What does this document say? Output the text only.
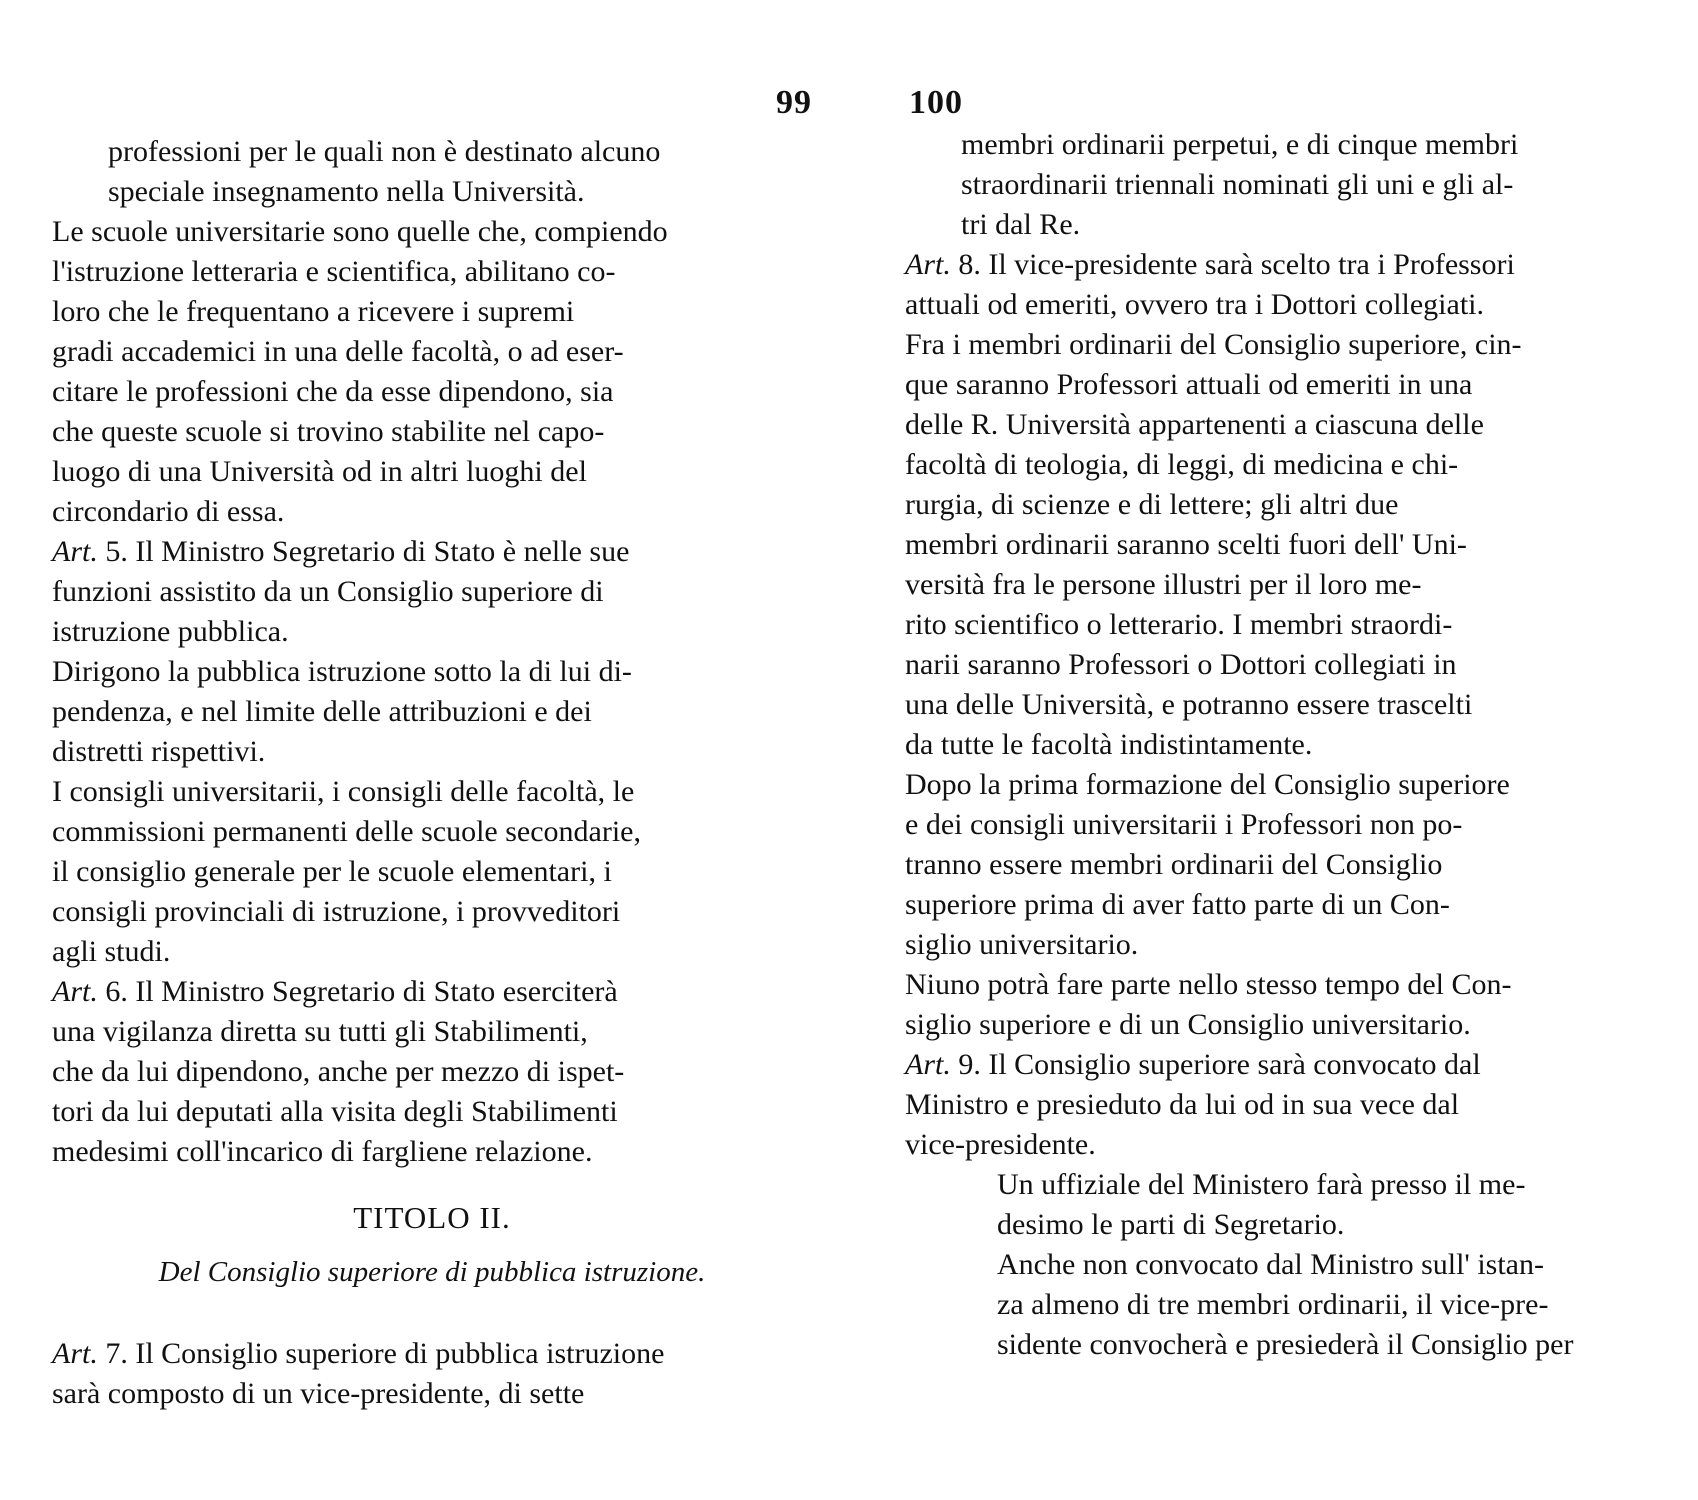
99
professioni per le quali non è destinato alcuno
speciale insegnamento nella Università.
Le scuole universitarie sono quelle che, compiendo
l'istruzione letteraria e scientifica, abilitano co-
loro che le frequentano a ricevere i supremi
gradi accademici in una delle facoltà, o ad eser-
citare le professioni che da esse dipendono, sia
che queste scuole si trovino stabilite nel capo-
luogo di una Università od in altri luoghi del
circondario di essa.
Art. 5. Il Ministro Segretario di Stato è nelle sue
funzioni assistito da un Consiglio superiore di
istruzione pubblica.
Dirigono la pubblica istruzione sotto la di lui di-
pendenza, e nel limite delle attribuzioni e dei
distretti rispettivi.
I consigli universitarii, i consigli delle facoltà, le
commissioni permanenti delle scuole secondarie,
il consiglio generale per le scuole elementari, i
consigli provinciali di istruzione, i provveditori
agli studi.
Art. 6. Il Ministro Segretario di Stato eserciterà
una vigilanza diretta su tutti gli Stabilimenti,
che da lui dipendono, anche per mezzo di ispet-
tori da lui deputati alla visita degli Stabilimenti
medesimi coll'incarico di fargliene relazione.
TITOLO II.
Del Consiglio superiore di pubblica istruzione.
Art. 7. Il Consiglio superiore di pubblica istruzione
sarà composto di un vice-presidente, di sette
100
membri ordinarii perpetui, e di cinque membri
straordinarii triennali nominati gli uni e gli al-
tri dal Re.
Art. 8. Il vice-presidente sarà scelto tra i Professori
attuali od emeriti, ovvero tra i Dottori collegiati.
Fra i membri ordinarii del Consiglio superiore, cin-
que saranno Professori attuali od emeriti in una
delle R. Università appartenenti a ciascuna delle
facoltà di teologia, di leggi, di medicina e chi-
rurgia, di scienze e di lettere; gli altri due
membri ordinarii saranno scelti fuori dell' Uni-
versità fra le persone illustri per il loro me-
rito scientifico o letterario. I membri straordi-
narii saranno Professori o Dottori collegiati in
una delle Università, e potranno essere trascelti
da tutte le facoltà indistintamente.
Dopo la prima formazione del Consiglio superiore
e dei consigli universitarii i Professori non po-
tranno essere membri ordinarii del Consiglio
superiore prima di aver fatto parte di un Con-
siglio universitario.
Niuno potrà fare parte nello stesso tempo del Con-
siglio superiore e di un Consiglio universitario.
Art. 9. Il Consiglio superiore sarà convocato dal
Ministro e presieduto da lui od in sua vece dal
vice-presidente.
Un uffiziale del Ministero farà presso il me-
desimo le parti di Segretario.
Anche non convocato dal Ministro sull' istan-
za almeno di tre membri ordinarii, il vice-pre-
sidente convocherà e presiederà il Consiglio per
